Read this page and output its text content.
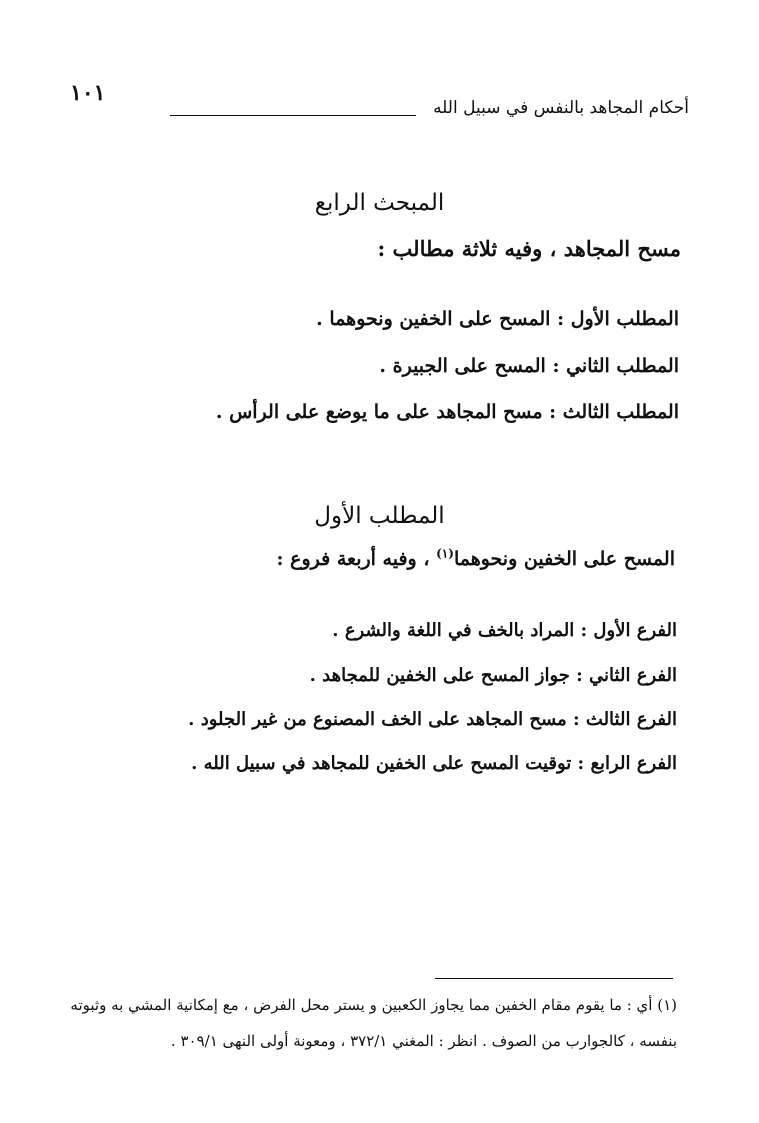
أحكام المجاهد بالنفس في سبيل الله
١٠١
المبحث الرابع
مسح المجاهد ، وفيه ثلاثة مطالب :
المطلب الأول : المسح على الخفين ونحوهما .
المطلب الثاني : المسح على الجبيرة .
المطلب الثالث : مسح المجاهد على ما يوضع على الرأس .
المطلب الأول
المسح على الخفين ونحوهما$^{(١)}$ ، وفيه أربعة فروع :
الفرع الأول : المراد بالخف في اللغة والشرع .
الفرع الثاني : جواز المسح على الخفين للمجاهد .
الفرع الثالث : مسح المجاهد على الخف المصنوع من غير الجلود .
الفرع الرابع : توقيت المسح على الخفين للمجاهد في سبيل الله .
(١) أي : ما يقوم مقام الخفين مما يجاوز الكعبين و يستر محل الفرض ، مع إمكانية المشي به وثبوته
بنفسه ، كالجوارب من الصوف . انظر : المغني ٣٧٢/١ ، ومعونة أولى النهى ٣٠٩/١ .
